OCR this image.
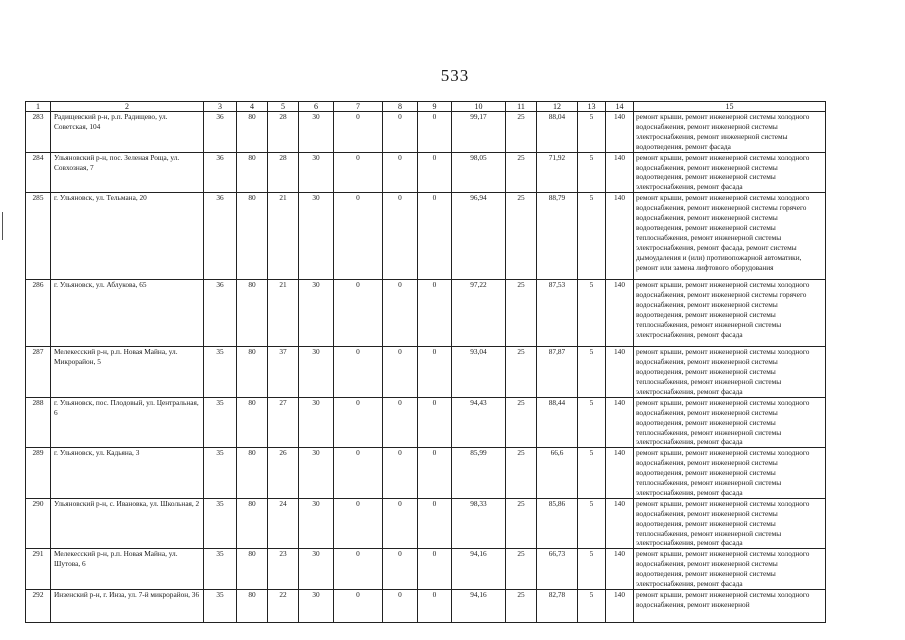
533
1	2	3	4	5	6	7	8	9	10	11	12	13	14	15
283	Радищевский р-н, р.п. Радищево, ул. Советская, 104	36	80	28	30	0	0	0	99,17	25	88,04	5	140	ремонт крыши, ремонт инженерной системы холодного водоснабжения, ремонт инженерной системы электроснабжения, ремонт инженерной системы водоотведения, ремонт фасада
284	Ульяновский р-н, пос. Зеленая Роща, ул. Совхозная, 7	36	80	28	30	0	0	0	98,05	25	71,92	5	140	ремонт крыши, ремонт инженерной системы холодного водоснабжения, ремонт инженерной системы водоотведения, ремонт инженерной системы электроснабжения, ремонт фасада
285	г. Ульяновск, ул. Тельмана, 20	36	80	21	30	0	0	0	96,94	25	88,79	5	140	ремонт крыши, ремонт инженерной системы холодного водоснабжения, ремонт инженерной системы горячего водоснабжения, ремонт инженерной системы водоотведения, ремонт инженерной системы теплоснабжения, ремонт инженерной системы электроснабжения, ремонт фасада, ремонт системы дымоудаления и (или) противопожарной автоматики, ремонт или замена лифтового оборудования
286	г. Ульяновск, ул. Аблукова, 65	36	80	21	30	0	0	0	97,22	25	87,53	5	140	ремонт крыши, ремонт инженерной системы холодного водоснабжения, ремонт инженерной системы горячего водоснабжения, ремонт инженерной системы водоотведения, ремонт инженерной системы теплоснабжения, ремонт инженерной системы электроснабжения, ремонт фасада
287	Мелекесский р-н, р.п. Новая Майна, ул. Микрорайон, 5	35	80	37	30	0	0	0	93,04	25	87,87	5	140	ремонт крыши, ремонт инженерной системы холодного водоснабжения, ремонт инженерной системы водоотведения, ремонт инженерной системы теплоснабжения, ремонт инженерной системы электроснабжения, ремонт фасада
288	г. Ульяновск, пос. Плодовый, ул. Центральная, 6	35	80	27	30	0	0	0	94,43	25	88,44	5	140	ремонт крыши, ремонт инженерной системы холодного водоснабжения, ремонт инженерной системы водоотведения, ремонт инженерной системы теплоснабжения, ремонт инженерной системы электроснабжения, ремонт фасада
289	г. Ульяновск, ул. Кадьяна, 3	35	80	26	30	0	0	0	85,99	25	66,6	5	140	ремонт крыши, ремонт инженерной системы холодного водоснабжения, ремонт инженерной системы водоотведения, ремонт инженерной системы теплоснабжения, ремонт инженерной системы электроснабжения, ремонт фасада
290	Ульяновский р-н, с. Ивановка, ул. Школьная, 2	35	80	24	30	0	0	0	98,33	25	85,86	5	140	ремонт крыши, ремонт инженерной системы холодного водоснабжения, ремонт инженерной системы водоотведения, ремонт инженерной системы теплоснабжения, ремонт инженерной системы электроснабжения, ремонт фасада
291	Мелекесский р-н, р.п. Новая Майна, ул. Шутова, 6	35	80	23	30	0	0	0	94,16	25	66,73	5	140	ремонт крыши, ремонт инженерной системы холодного водоснабжения, ремонт инженерной системы водоотведения, ремонт инженерной системы электроснабжения, ремонт фасада
292	Инзенский р-н, г. Инза, ул. 7-й микрорайон, 36	35	80	22	30	0	0	0	94,16	25	82,78	5	140	ремонт крыши, ремонт инженерной системы холодного водоснабжения, ремонт инженерной
